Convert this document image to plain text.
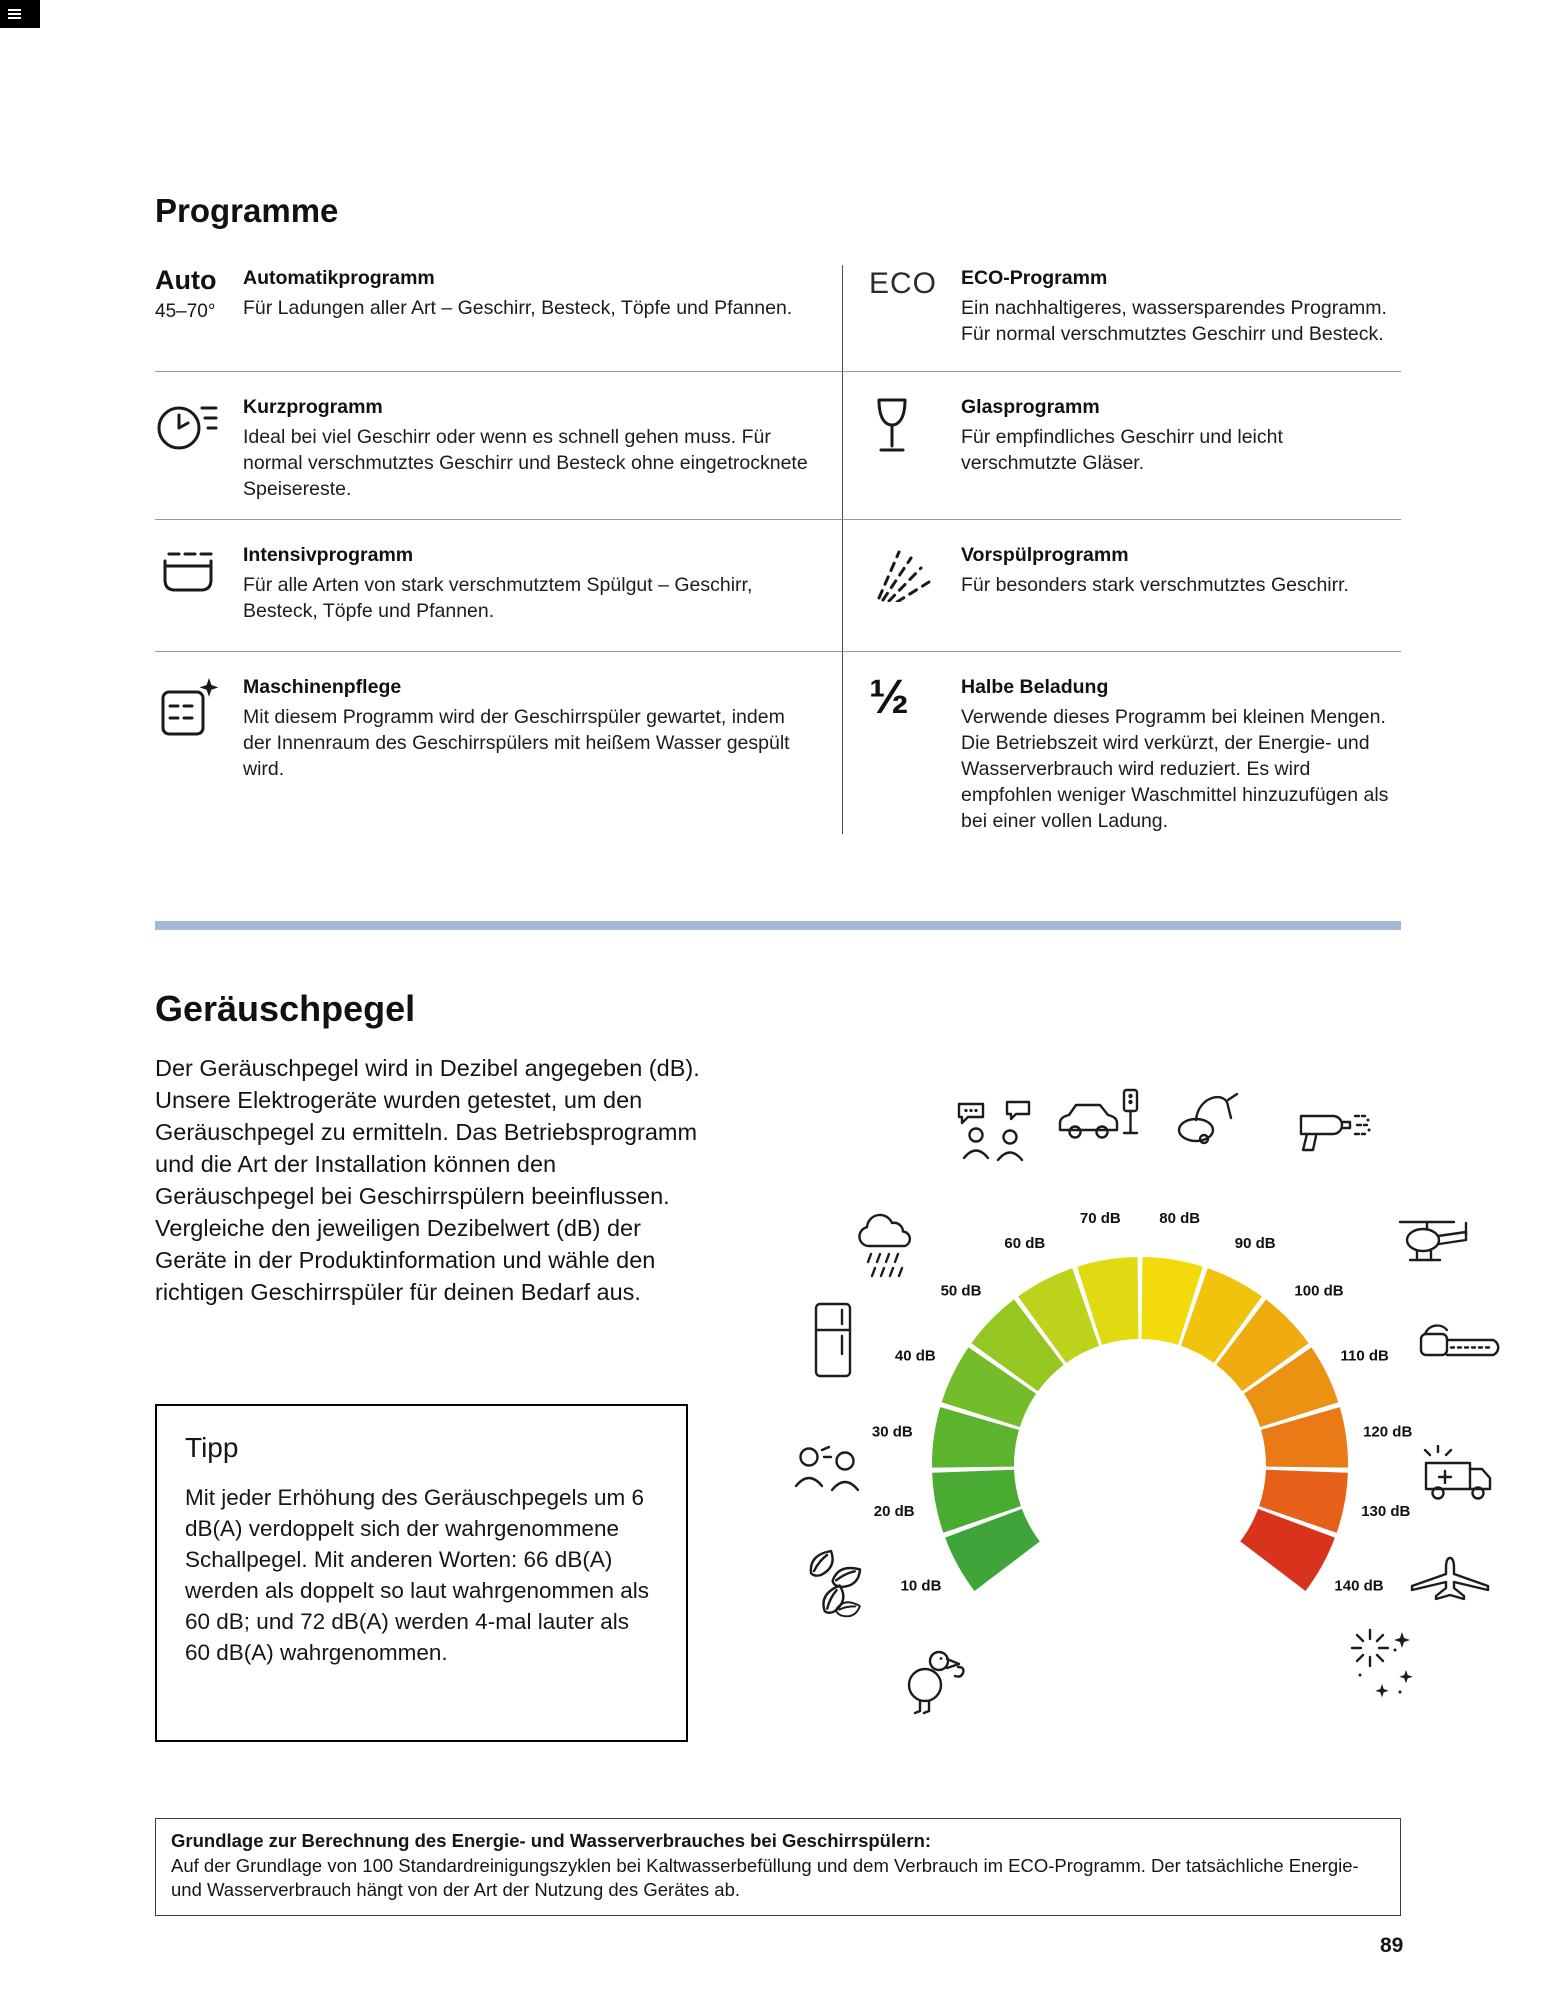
Programme
Auto
45–70°
Automatikprogramm
Für Ladungen aller Art – Geschirr, Besteck, Töpfe und Pfannen.
ECO	ECO-Programm
Ein nachhaltigeres, wassersparendes Programm. Für normal verschmutztes Geschirr und Besteck.
Kurzprogramm
Ideal bei viel Geschirr oder wenn es schnell gehen muss. Für normal verschmutztes Geschirr und Besteck ohne eingetrocknete Speisereste.
Glasprogramm
Für empfindliches Geschirr und leicht verschmutzte Gläser.
Intensivprogramm
Für alle Arten von stark verschmutztem Spülgut – Geschirr, Besteck, Töpfe und Pfannen.
Vorspülprogramm
Für besonders stark verschmutztes Geschirr.
Maschinenpflege
Mit diesem Programm wird der Geschirrspüler gewartet, indem der Innenraum des Geschirrspülers mit heißem Wasser gespült wird.
½	Halbe Beladung
Verwende dieses Programm bei kleinen Mengen. Die Betriebszeit wird verkürzt, der Energie- und Wasserverbrauch wird reduziert. Es wird empfohlen weniger Waschmittel hinzuzufügen als bei einer vollen Ladung.
Geräuschpegel

Der Geräuschpegel wird in Dezibel angegeben (dB). Unsere Elektrogeräte wurden getestet, um den Geräuschpegel zu ermitteln. Das Betriebsprogramm und die Art der Installation können den Geräuschpegel bei Geschirrspülern beeinflussen. Vergleiche den jeweiligen Dezibelwert (dB) der Geräte in der Produktinformation und wähle den richtigen Geschirrspüler für deinen Bedarf aus.

Tipp

Mit jeder Erhöhung des Geräuschpegels um 6 dB(A) verdoppelt sich der wahrgenommene Schallpegel. Mit anderen Worten: 66 dB(A) werden als doppelt so laut wahrgenommen als 60 dB; und 72 dB(A) werden 4-mal lauter als 60 dB(A) wahrgenommen.

10 dB
20 dB
30 dB
40 dB
50 dB
60 dB
70 dB	80 dB
90 dB
100 dB
110 dB
120 dB
130 dB
140 dB
Grundlage zur Berechnung des Energie- und Wasserverbrauches bei Geschirrspülern:
Auf der Grundlage von 100 Standardreinigungszyklen bei Kaltwasserbefüllung und dem Verbrauch im ECO-Programm. Der tatsächliche Energie- und Wasserverbrauch hängt von der Art der Nutzung des Gerätes ab.
89
